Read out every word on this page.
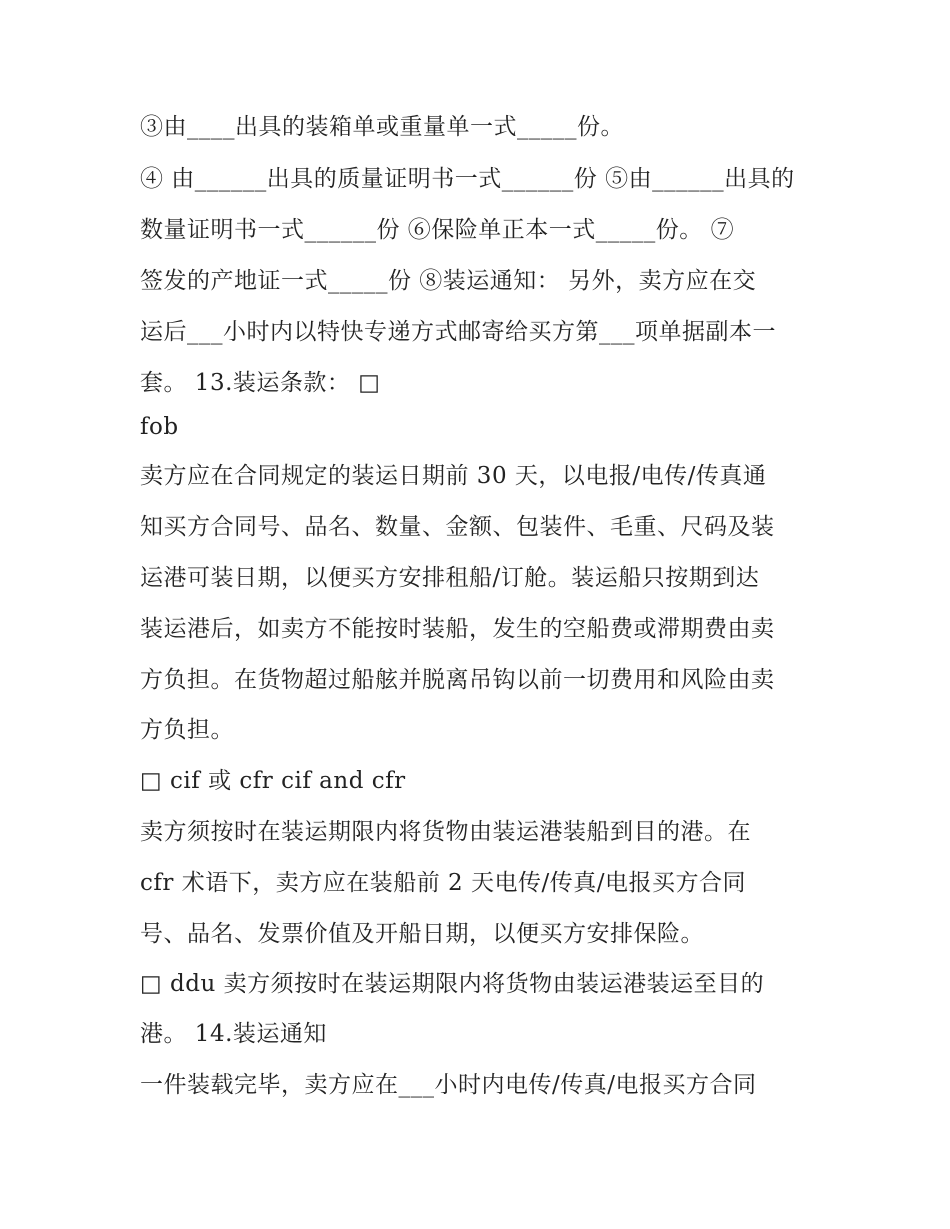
③由____出具的装箱单或重量单一式_____份。
④ 由______出具的质量证明书一式______份 ⑤由______出具的
数量证明书一式______份 ⑥保险单正本一式_____份。 ⑦
签发的产地证一式_____份 ⑧装运通知： 另外，卖方应在交
运后___小时内以特快专递方式邮寄给买方第___项单据副本一
套。 13.装运条款： □
fob
卖方应在合同规定的装运日期前 30 天，以电报/电传/传真通
知买方合同号、品名、数量、金额、包装件、毛重、尺码及装
运港可装日期，以便买方安排租船/订舱。装运船只按期到达
装运港后，如卖方不能按时装船，发生的空船费或滞期费由卖
方负担。在货物超过船舷并脱离吊钩以前一切费用和风险由卖
方负担。
□ cif 或 cfr cif and cfr
卖方须按时在装运期限内将货物由装运港装船到目的港。在
cfr 术语下，卖方应在装船前 2 天电传/传真/电报买方合同
号、品名、发票价值及开船日期，以便买方安排保险。
□ ddu 卖方须按时在装运期限内将货物由装运港装运至目的
港。 14.装运通知
一件装载完毕，卖方应在___小时内电传/传真/电报买方合同
